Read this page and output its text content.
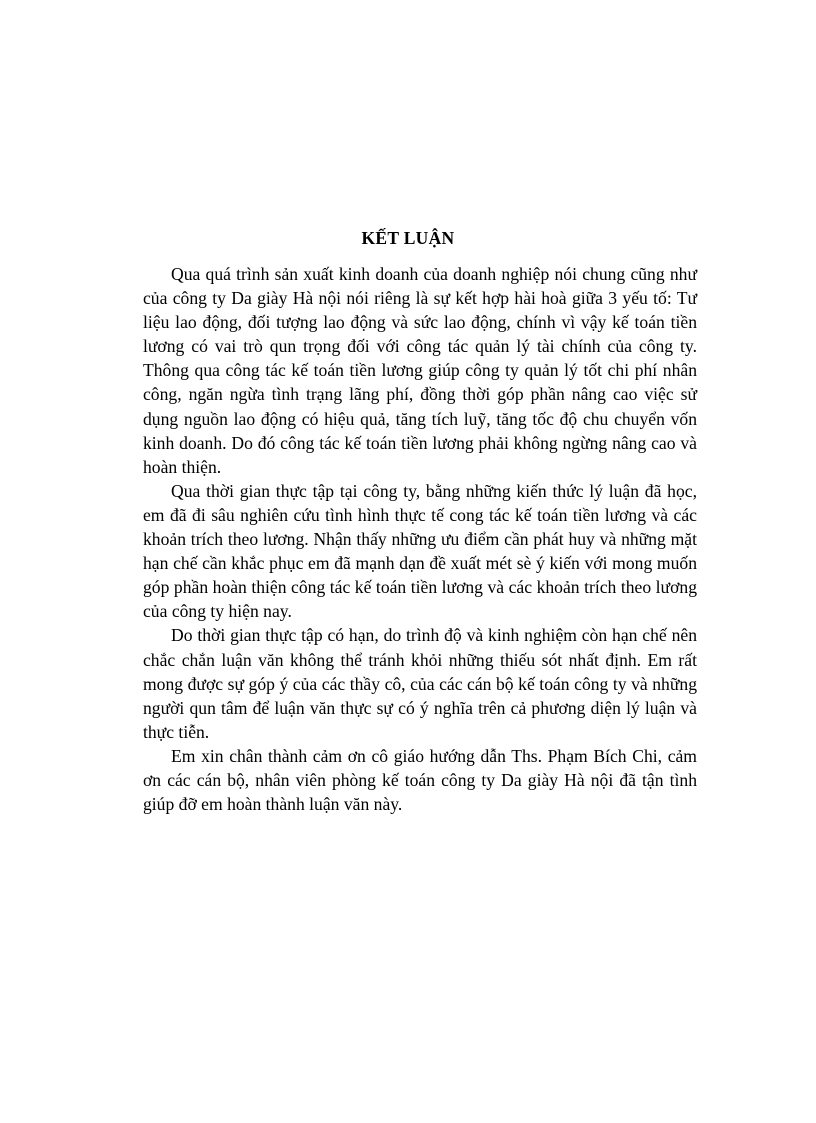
KẾT LUẬN

Qua quá trình sản xuất kinh doanh của doanh nghiệp nói chung cũng như của công ty Da giày Hà nội nói riêng là sự kết hợp hài hoà giữa 3 yếu tố: Tư liệu lao động, đối tượng lao động và sức lao động, chính vì vậy kế toán tiền lương có vai trò qun trọng đối với công tác quản lý tài chính của công ty. Thông qua công tác kế toán tiền lương giúp công ty quản lý tốt chi phí nhân công, ngăn ngừa tình trạng lãng phí, đồng thời góp phần nâng cao việc sử dụng nguồn lao động có hiệu quả, tăng tích luỹ, tăng tốc độ chu chuyển vốn kinh doanh. Do đó công tác kế toán tiền lương phải không ngừng nâng cao và hoàn thiện.

Qua thời gian thực tập tại công ty, bằng những kiến thức lý luận đã học, em đã đi sâu nghiên cứu tình hình thực tế cong tác kế toán tiền lương và các khoản trích theo lương. Nhận thấy những ưu điểm cần phát huy và những mặt hạn chế cần khắc phục em đã mạnh dạn đề xuất mét sè ý kiến với mong muốn góp phần hoàn thiện công tác kế toán tiền lương và các khoản trích theo lương của công ty hiện nay.

Do thời gian thực tập có hạn, do trình độ và kinh nghiệm còn hạn chế nên chắc chắn luận văn không thể tránh khỏi những thiếu sót nhất định. Em rất mong được sự góp ý của các thầy cô, của các cán bộ kế toán công ty và những người qun tâm để luận văn thực sự có ý nghĩa trên cả phương diện lý luận và thực tiễn.

Em xin chân thành cảm ơn cô giáo hướng dẫn Ths. Phạm Bích Chi, cảm ơn các cán bộ, nhân viên phòng kế toán công ty Da giày Hà nội đã tận tình giúp đỡ em hoàn thành luận văn này.
